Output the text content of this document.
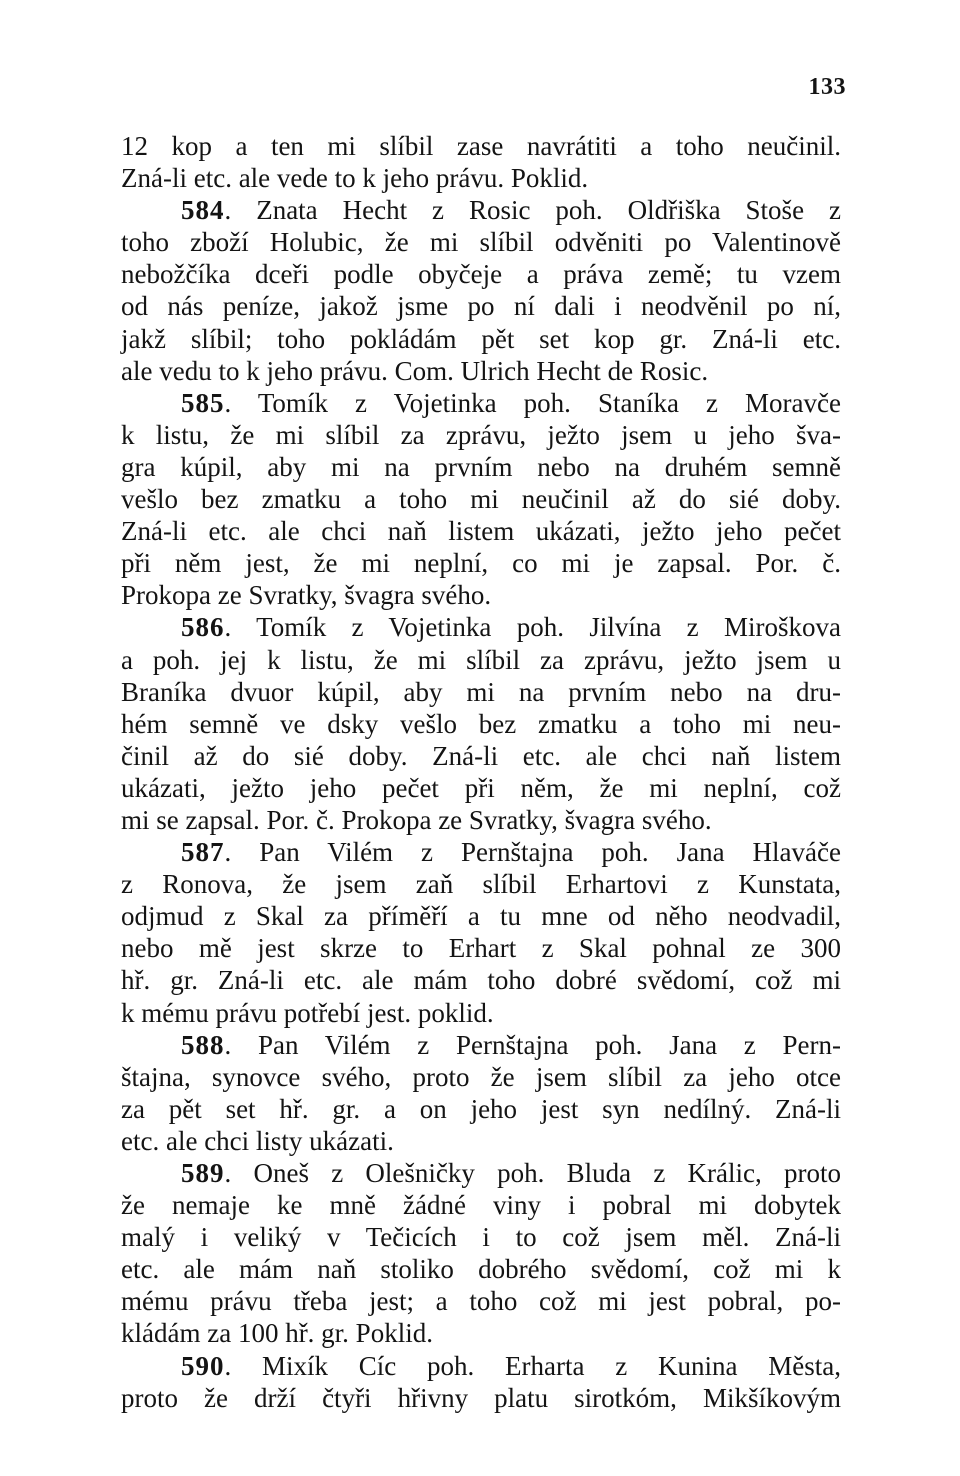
133
12 kop a ten mi slíbil zase navrátiti a toho neučinil.
Zná-li etc. ale vede to k jeho právu. Poklid.
584. Znata Hecht z Rosic poh. Oldřiška Stoše z
toho zboží Holubic, že mi slíbil odvěniti po Valentinově
nebožčíka dceři podle obyčeje a práva země; tu vzem
od nás peníze, jakož jsme po ní dali i neodvěnil po ní,
jakž slíbil; toho pokládám pět set kop gr. Zná-li etc.
ale vedu to k jeho právu. Com. Ulrich Hecht de Rosic.
585. Tomík z Vojetinka poh. Staníka z Moravče
k listu, že mi slíbil za zprávu, ježto jsem u jeho šva-
gra kúpil, aby mi na prvním nebo na druhém semně
vešlo bez zmatku a toho mi neučinil až do sié doby.
Zná-li etc. ale chci naň listem ukázati, ježto jeho pečet
při něm jest, že mi neplní, co mi je zapsal. Por. č.
Prokopa ze Svratky, švagra svého.
586. Tomík z Vojetinka poh. Jilvína z Miroškova
a poh. jej k listu, že mi slíbil za zprávu, ježto jsem u
Braníka dvuor kúpil, aby mi na prvním nebo na dru-
hém semně ve dsky vešlo bez zmatku a toho mi neu-
činil až do sié doby. Zná-li etc. ale chci naň listem
ukázati, ježto jeho pečet při něm, že mi neplní, což
mi se zapsal. Por. č. Prokopa ze Svratky, švagra svého.
587. Pan Vilém z Pernštajna poh. Jana Hlaváče
z Ronova, že jsem zaň slíbil Erhartovi z Kunstata,
odjmud z Skal za příměří a tu mne od něho neodvadil,
nebo mě jest skrze to Erhart z Skal pohnal ze 300
hř. gr. Zná-li etc. ale mám toho dobré svědomí, což mi
k mému právu potřebí jest. poklid.
588. Pan Vilém z Pernštajna poh. Jana z Pern-
štajna, synovce svého, proto že jsem slíbil za jeho otce
za pět set hř. gr. a on jeho jest syn nedílný. Zná-li
etc. ale chci listy ukázati.
589. Oneš z Olešničky poh. Bluda z Králic, proto
že nemaje ke mně žádné viny i pobral mi dobytek
malý i veliký v Tečicích i to což jsem měl. Zná-li
etc. ale mám naň stoliko dobrého svědomí, což mi k
mému právu třeba jest; a toho což mi jest pobral, po-
kládám za 100 hř. gr. Poklid.
590. Mixík Cíc poh. Erharta z Kunina Města,
proto že drží čtyři hřivny platu sirotkóm, Mikšíkovým
